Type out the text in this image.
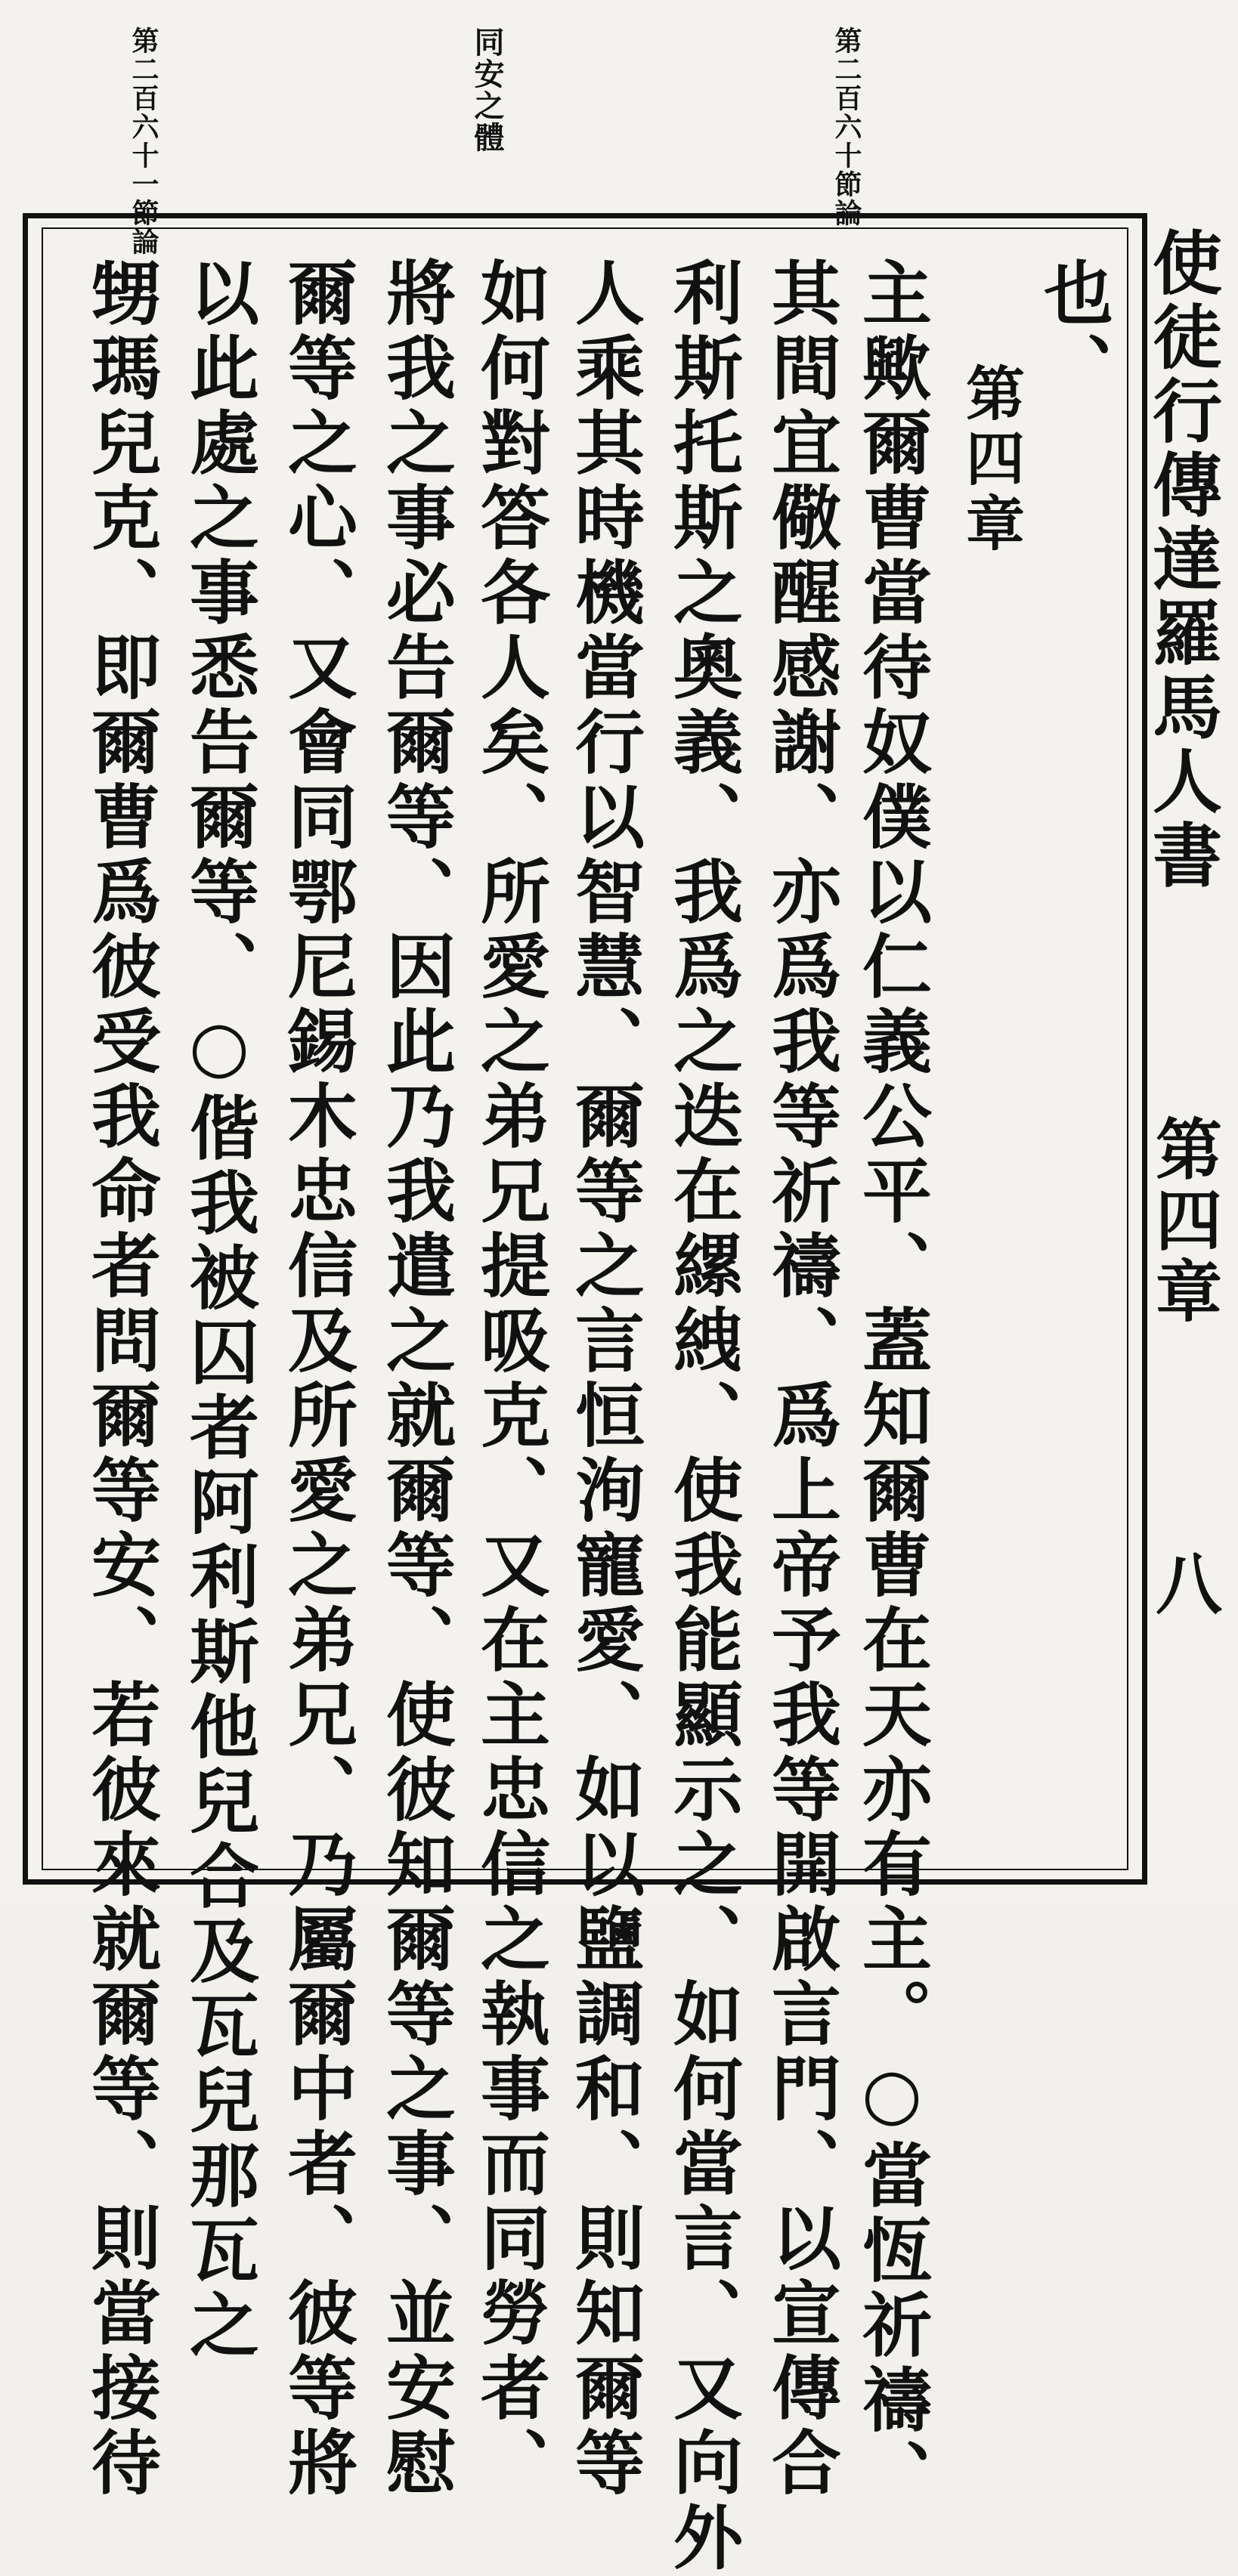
第二百六十一節論	同安之體	第二百六十節論
也、
第四章
主歟爾曹當待奴僕以仁義公平、蓋知爾曹在天亦有主。○當恆祈禱、
其間宜儆醒感謝、亦爲我等祈禱、爲上帝予我等開啟言門、以宣傳合
利斯托斯之奧義、我爲之迭在縲絏、使我能顯示之、如何當言、又向外
人乘其時機當行以智慧、爾等之言恒洵寵愛、如以鹽調和、則知爾等
如何對答各人矣、所愛之弟兄提吸克、又在主忠信之執事而同勞者、
將我之事必告爾等、因此乃我遣之就爾等、使彼知爾等之事、並安慰
爾等之心、又會同鄂尼錫木忠信及所愛之弟兄、乃屬爾中者、彼等將
以此處之事悉告爾等、○偕我被囚者阿利斯他兒合及瓦兒那瓦之
甥瑪兒克、即爾曹爲彼受我命者問爾等安、若彼來就爾等、則當接待	使徒行傳達羅馬人書
第四章
八
